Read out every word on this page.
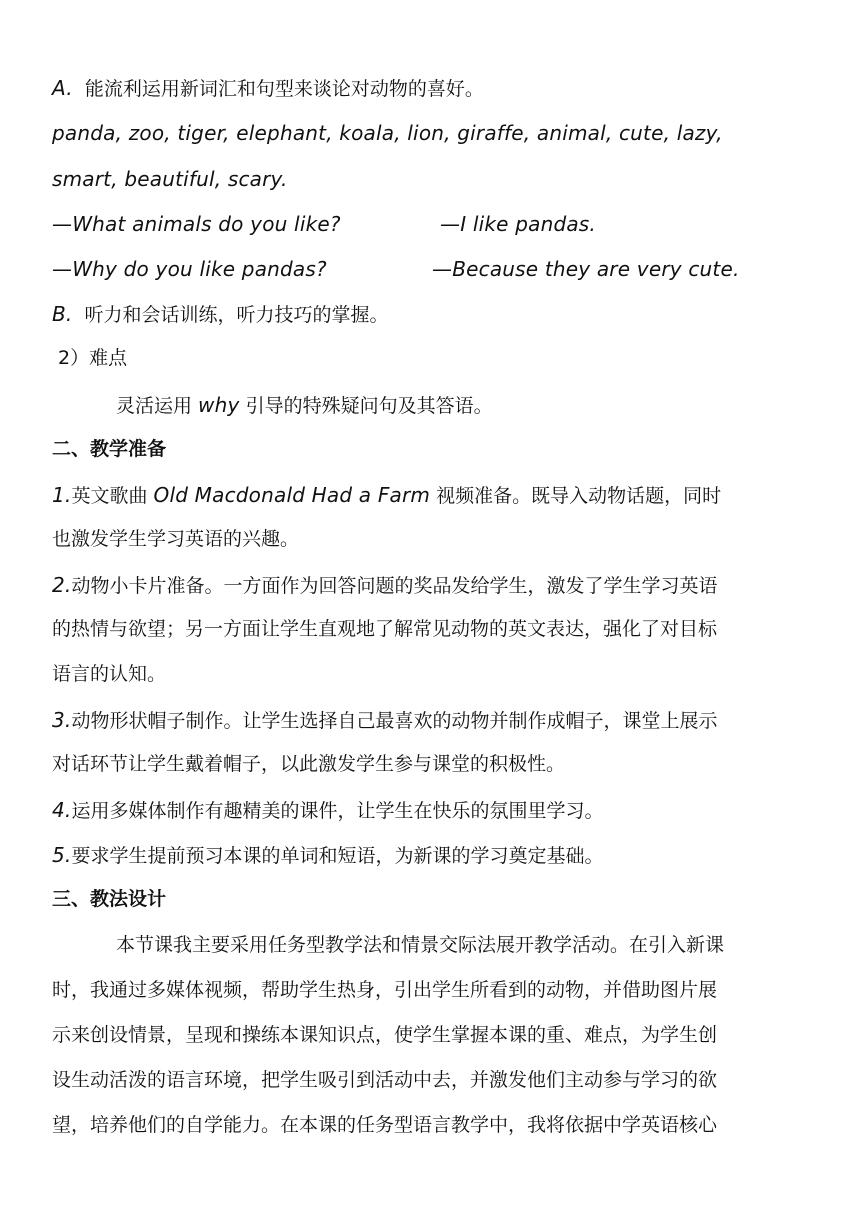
A. 能流利运用新词汇和句型来谈论对动物的喜好。
panda, zoo, tiger, elephant, koala, lion, giraffe, animal, cute, lazy,
smart, beautiful, scary.
—What animals do you like?	—I like pandas.
—Why do you like pandas?	—Because they are very cute.
B. 听力和会话训练，听力技巧的掌握。
2）难点
灵活运用 why 引导的特殊疑问句及其答语。
二、教学准备
1.英文歌曲 Old Macdonald Had a Farm 视频准备。既导入动物话题，同时
也激发学生学习英语的兴趣。
2.动物小卡片准备。一方面作为回答问题的奖品发给学生，激发了学生学习英语
的热情与欲望；另一方面让学生直观地了解常见动物的英文表达，强化了对目标
语言的认知。
3.动物形状帽子制作。让学生选择自己最喜欢的动物并制作成帽子，课堂上展示
对话环节让学生戴着帽子，以此激发学生参与课堂的积极性。
4.运用多媒体制作有趣精美的课件，让学生在快乐的氛围里学习。
5.要求学生提前预习本课的单词和短语，为新课的学习奠定基础。
三、教法设计
本节课我主要采用任务型教学法和情景交际法展开教学活动。在引入新课
时，我通过多媒体视频，帮助学生热身，引出学生所看到的动物，并借助图片展
示来创设情景，呈现和操练本课知识点，使学生掌握本课的重、难点，为学生创
设生动活泼的语言环境，把学生吸引到活动中去，并激发他们主动参与学习的欲
望，培养他们的自学能力。在本课的任务型语言教学中，我将依据中学英语核心
